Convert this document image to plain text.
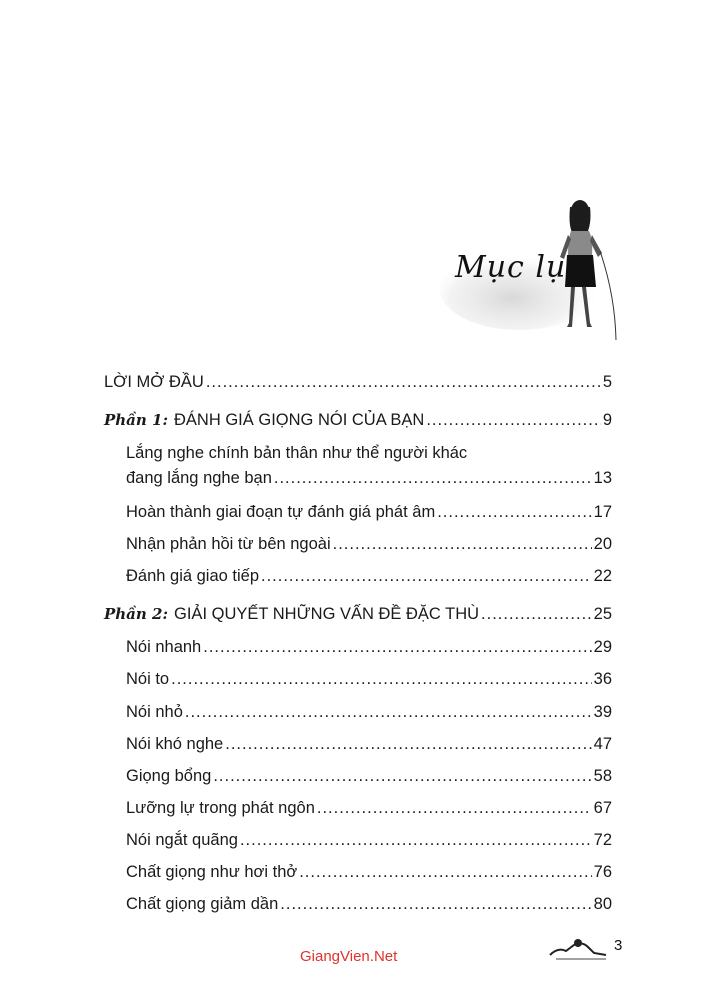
Mục lục
LỜI MỞ ĐẦU .....	5
Phần 1: ĐÁNH GIÁ GIỌNG NÓI CỦA BẠN .....	9
Lắng nghe chính bản thân như thể người khác
đang lắng nghe bạn .....	13
Hoàn thành giai đoạn tự đánh giá phát âm .....	17
Nhận phản hồi từ bên ngoài .....	20
Đánh giá giao tiếp .....	22
Phần 2: GIẢI QUYẾT NHỮNG VẤN ĐỀ ĐẶC THÙ .....	25
Nói nhanh .....	29
Nói to .....	36
Nói nhỏ .....	39
Nói khó nghe .....	47
Giọng bổng .....	58
Lưỡng lự trong phát ngôn .....	67
Nói ngắt quãng .....	72
Chất giọng như hơi thở .....	76
Chất giọng giảm dần .....	80
GiangVien.Net
3
